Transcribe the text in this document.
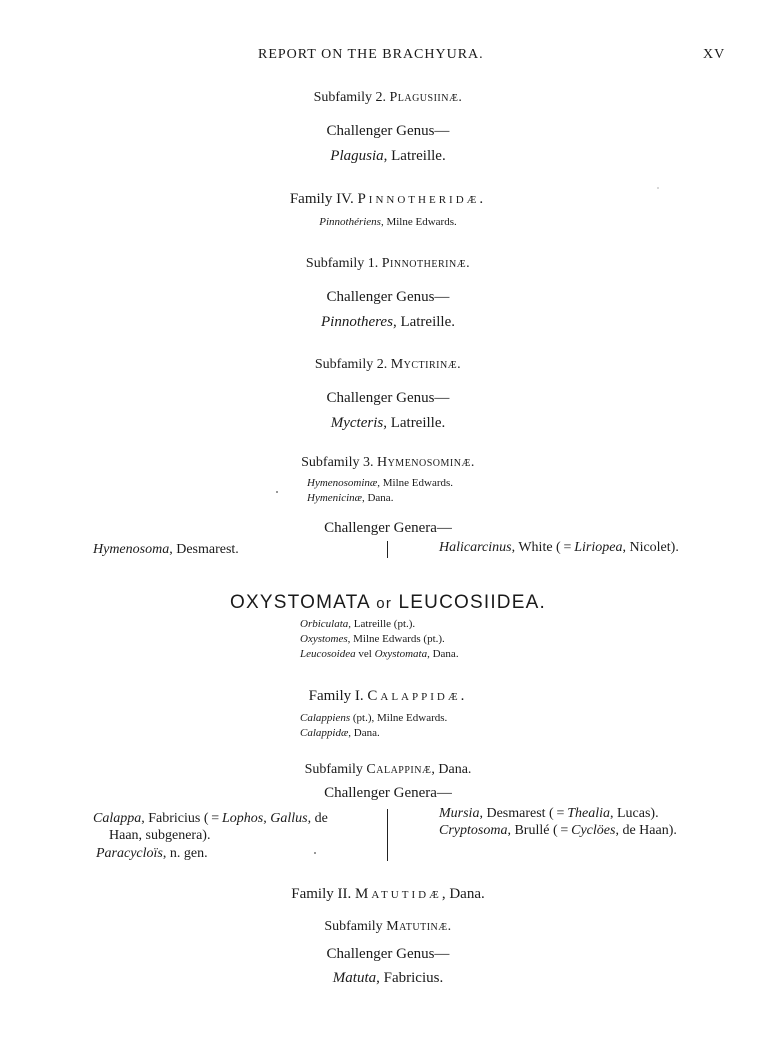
REPORT ON THE BRACHYURA.	XV
Subfamily 2. Plagusiinæ.
Challenger Genus—
Plagusia, Latreille.
Family IV. Pinnotheridæ.
Pinnothériens, Milne Edwards.
Subfamily 1. Pinnotherinæ.
Challenger Genus—
Pinnotheres, Latreille.
Subfamily 2. Myctirinæ.
Challenger Genus—
Mycteris, Latreille.
Subfamily 3. Hymenosominæ.
Hymenosominæ, Milne Edwards.
Hymenicinæ, Dana.
Challenger Genera—
Hymenosoma, Desmarest.	Halicarcinus, White ( = Liriopea, Nicolet).
OXYSTOMATA or LEUCOSIIDEA.
Orbiculata, Latreille (pt.).
Oxystomes, Milne Edwards (pt.).
Leucosoidea vel Oxystomata, Dana.
Family I. Calappidæ.
Calappiens (pt.), Milne Edwards.
Calappidæ, Dana.
Subfamily Calappinæ, Dana.
Challenger Genera—
Calappa, Fabricius ( = Lophos, Gallus, de
Haan, subgenera).
Paracycloïs, n. gen.
Mursia, Desmarest ( = Thealia, Lucas).
Cryptosoma, Brullé ( = Cyclöes, de Haan).
Family II. Matutidæ, Dana.
Subfamily Matutinæ.
Challenger Genus—
Matuta, Fabricius.
